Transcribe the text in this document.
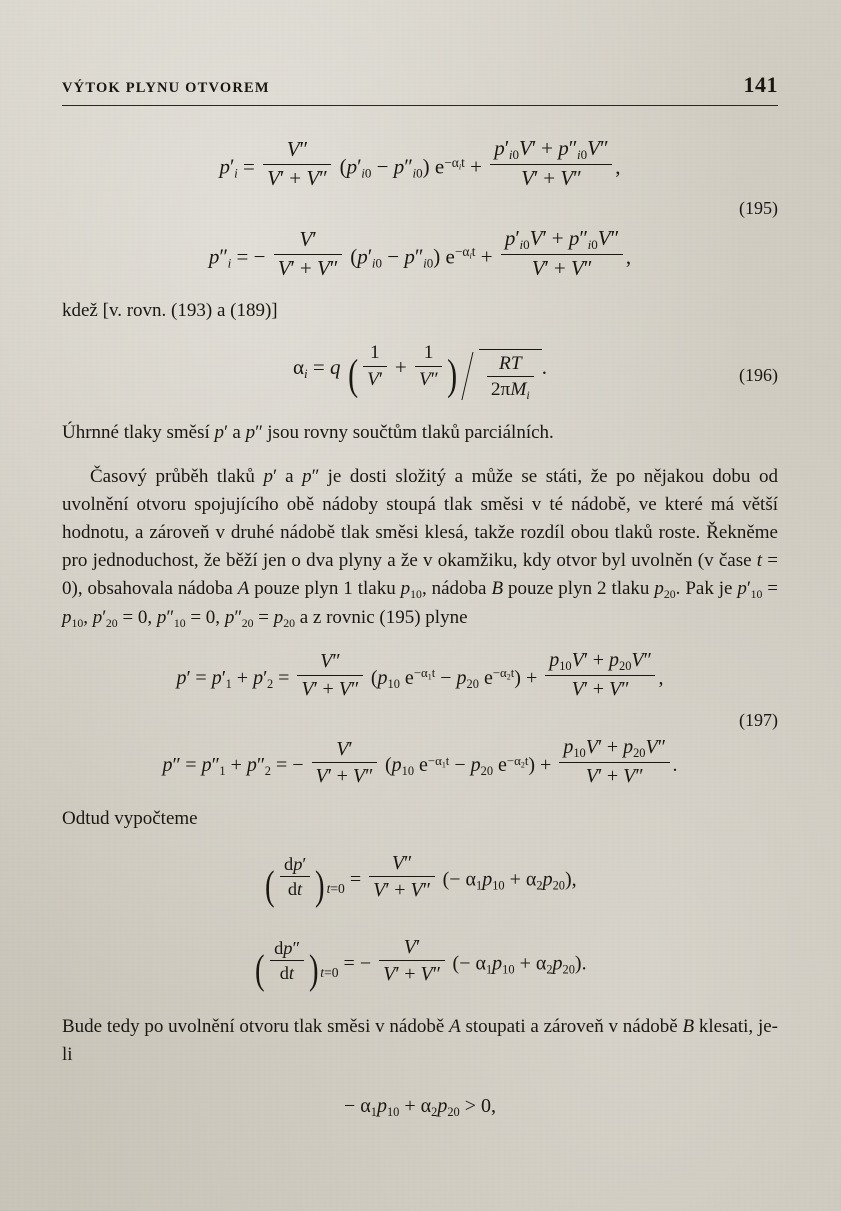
VÝTOK PLYNU OTVOREM	141
$p'_i = \frac{V''}{V' + V''} (p'_{i0} - p''_{i0}) e^{-\alpha_it} + \frac{p'_{i0}V' + p''_{i0}V''}{V' + V''}$ ,
(195)
$p''_i$ = − $\frac{V'}{V' + V''} (p'_{i0} - p''_{i0}) e^{-\alpha_it} + \frac{p'_{i0}V' + p''_{i0}V''}{V' + V''}$ ,

kdež [v. rovn. (193) a (189)]

$\alpha_i = q$ ( $\frac{1}{V'} + \frac{1}{V''}$ ) $\frac{RT}{2\pi M_i}$ .	(196)

Úhrnné tlaky směsí p′ a p″ jsou rovny součtům tlaků parciálních.

Časový průběh tlaků p′ a p″ je dosti složitý a může se státi, že po nějakou dobu od uvolnění otvoru spojujícího obě nádoby stoupá tlak směsi v té nádobě, ve které má větší hodnotu, a zároveň v druhé nádobě tlak směsi klesá, takže rozdíl obou tlaků roste. Řekněme pro jednoduchost, že běží jen o dva plyny a že v okamžiku, kdy otvor byl uvolněn (v čase t = 0), obsahovala nádoba A pouze plyn 1 tlaku $p_{10}$, nádoba B pouze plyn 2 tlaku $p_{20}$. Pak je $p'_{10} = p_{10}$, $p'_{20} = 0$, $p''_{10} = 0$, $p''_{20} = p_{20}$ a z rovnic (195) plyne

$p' = p'_1 + p'_2 = \frac{V''}{V' + V''} (p_{10}$ $e^{-\alpha_1t} - p_{20}$ $e^{-\alpha_2t}) + \frac{p_{10}V' + p_{20}V''}{V' + V''}$ ,
(197)
$p'' = p''_1 + p''_2$ = − $\frac{V'}{V' + V''} (p_{10}$ $e^{-\alpha_1t} - p_{20}$ $e^{-\alpha_2t}) + \frac{p_{10}V' + p_{20}V''}{V' + V''}$ .

Odtud vypočteme

( $\frac{dp'}{dt}$ ) $t=0 = \frac{V''}{V' + V''}$ (− $\alpha_1p_{10} + \alpha_2p_{20}$),
( $\frac{dp''}{dt}$ ) t=0 = − $\frac{V'}{V' + V''}$ (− $\alpha_1p_{10} + \alpha_2p_{20}$).

Bude tedy po uvolnění otvoru tlak směsi v nádobě A stoupati a zároveň v nádobě B klesati, je-li

− $\alpha_1p_{10} + \alpha_2p_{20} > 0$,
